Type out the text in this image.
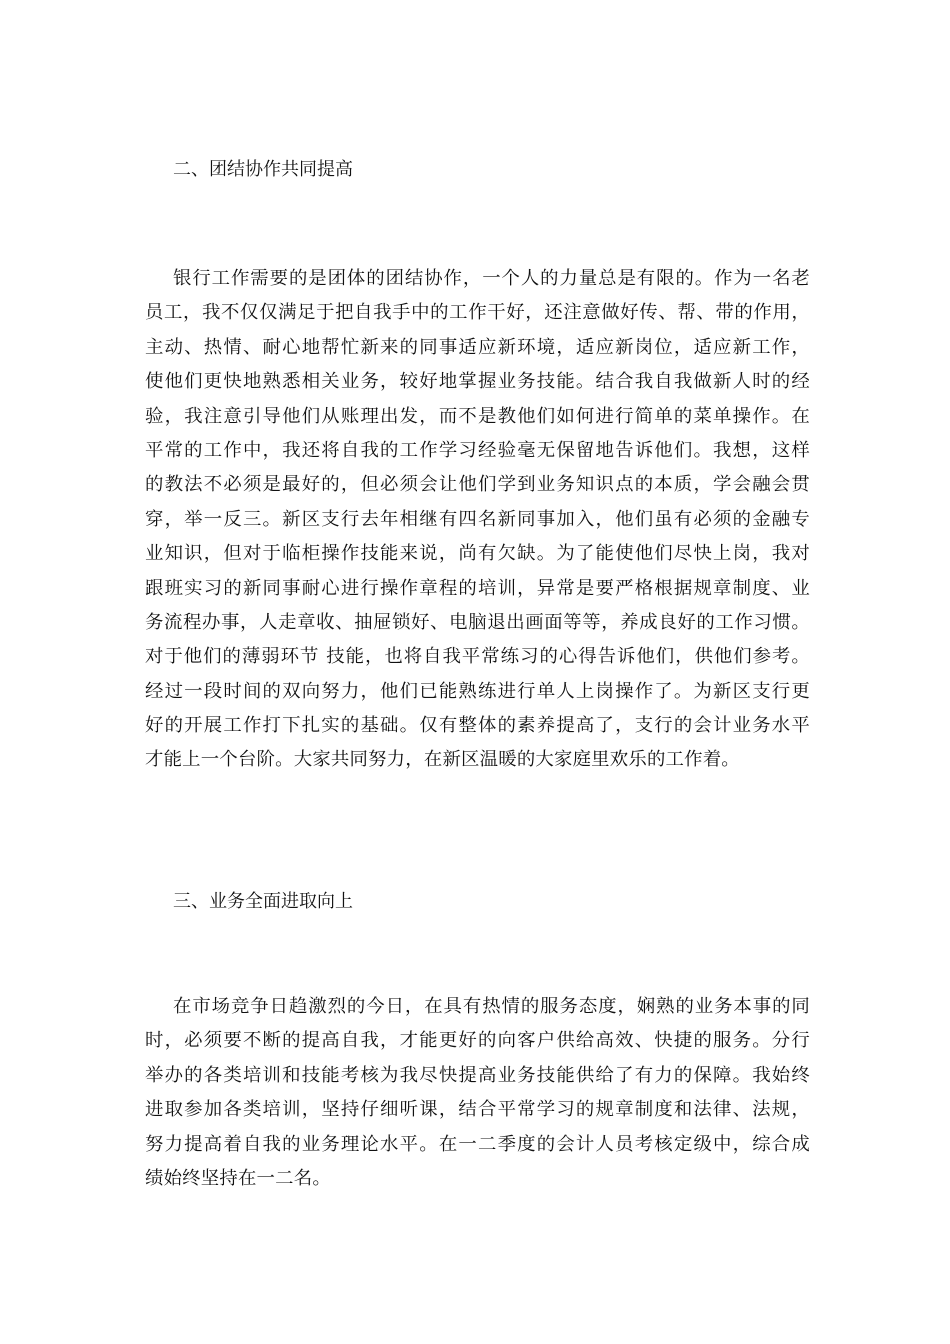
二、团结协作共同提高
银行工作需要的是团体的团结协作，一个人的力量总是有限的。作为一名老
员工，我不仅仅满足于把自我手中的工作干好，还注意做好传、帮、带的作用，
主动、热情、耐心地帮忙新来的同事适应新环境，适应新岗位，适应新工作，
使他们更快地熟悉相关业务，较好地掌握业务技能。结合我自我做新人时的经
验，我注意引导他们从账理出发，而不是教他们如何进行简单的菜单操作。在
平常的工作中，我还将自我的工作学习经验毫无保留地告诉他们。我想，这样
的教法不必须是最好的，但必须会让他们学到业务知识点的本质，学会融会贯
穿，举一反三。新区支行去年相继有四名新同事加入，他们虽有必须的金融专
业知识，但对于临柜操作技能来说，尚有欠缺。为了能使他们尽快上岗，我对
跟班实习的新同事耐心进行操作章程的培训，异常是要严格根据规章制度、业
务流程办事，人走章收、抽屉锁好、电脑退出画面等等，养成良好的工作习惯。
对于他们的薄弱环节 技能，也将自我平常练习的心得告诉他们，供他们参考。
经过一段时间的双向努力，他们已能熟练进行单人上岗操作了。为新区支行更
好的开展工作打下扎实的基础。仅有整体的素养提高了，支行的会计业务水平
才能上一个台阶。大家共同努力，在新区温暖的大家庭里欢乐的工作着。
三、业务全面进取向上
在市场竞争日趋激烈的今日，在具有热情的服务态度，娴熟的业务本事的同
时，必须要不断的提高自我，才能更好的向客户供给高效、快捷的服务。分行
举办的各类培训和技能考核为我尽快提高业务技能供给了有力的保障。我始终
进取参加各类培训，坚持仔细听课，结合平常学习的规章制度和法律、法规，
努力提高着自我的业务理论水平。在一二季度的会计人员考核定级中，综合成
绩始终坚持在一二名。
